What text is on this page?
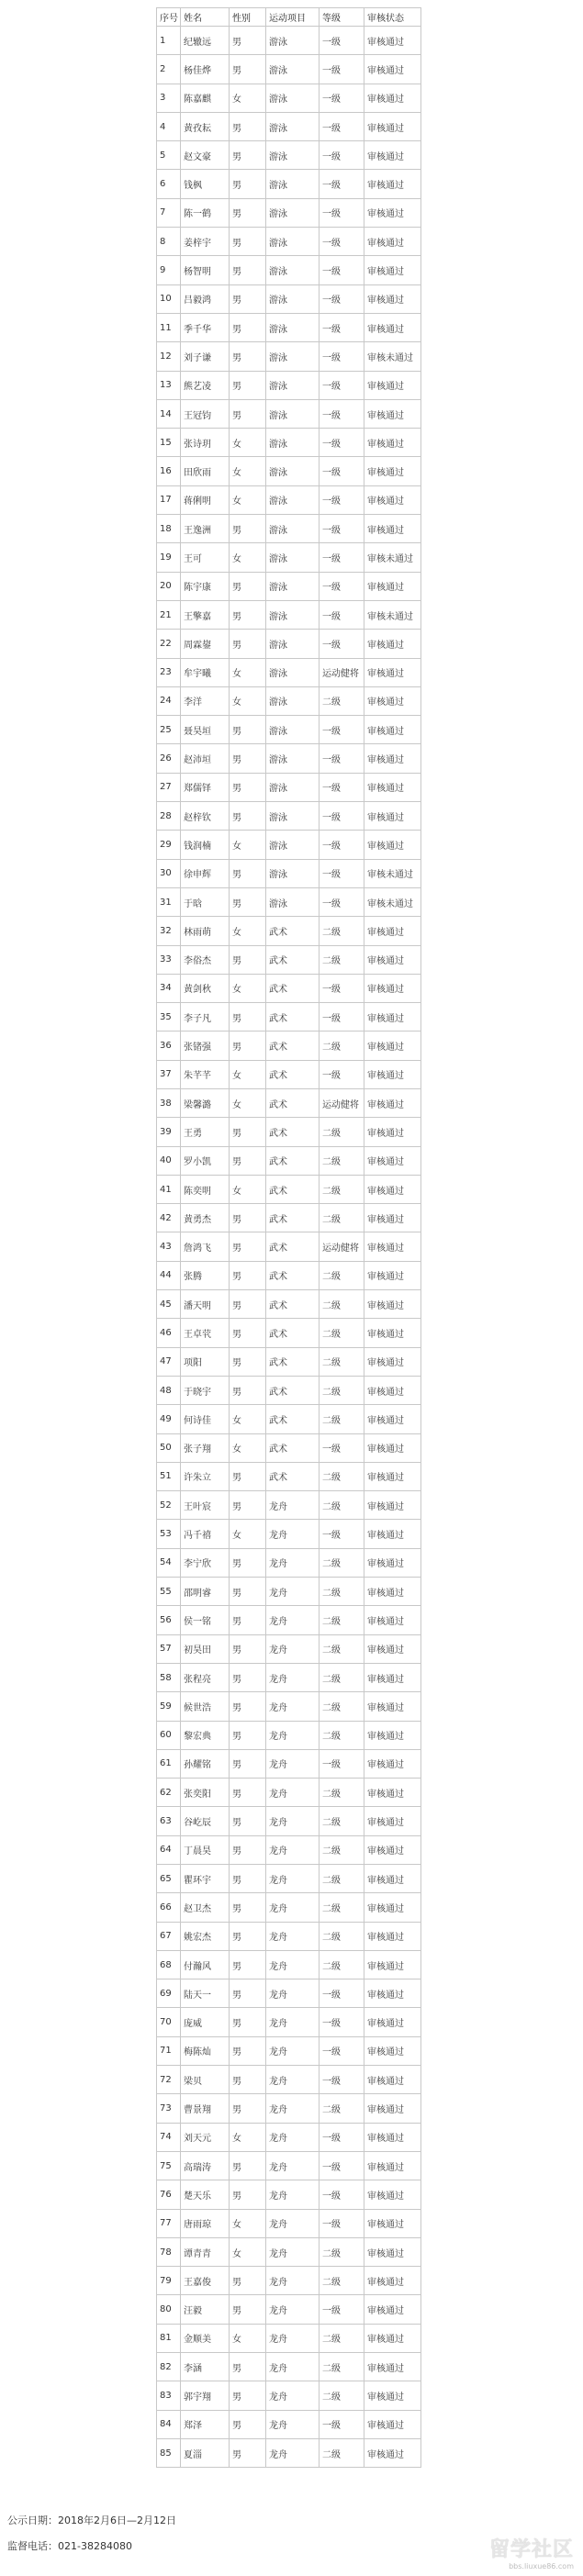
序号	姓名	性别	运动项目	等级	审核状态
1	纪辙远	男	游泳	一级	审核通过
2	杨佳烨	男	游泳	一级	审核通过
3	陈嘉麒	女	游泳	一级	审核通过
4	黄孜耘	男	游泳	一级	审核通过
5	赵文豪	男	游泳	一级	审核通过
6	钱枫	男	游泳	一级	审核通过
7	陈一鹤	男	游泳	一级	审核通过
8	姜梓宇	男	游泳	一级	审核通过
9	杨智明	男	游泳	一级	审核通过
10	吕毅鸿	男	游泳	一级	审核通过
11	季千华	男	游泳	一级	审核通过
12	刘子谦	男	游泳	一级	审核未通过
13	熊艺凌	男	游泳	一级	审核通过
14	王冠钧	男	游泳	一级	审核通过
15	张诗玥	女	游泳	一级	审核通过
16	田欣雨	女	游泳	一级	审核通过
17	蒋俐明	女	游泳	一级	审核通过
18	王逸洲	男	游泳	一级	审核通过
19	王可	女	游泳	一级	审核未通过
20	陈宇康	男	游泳	一级	审核通过
21	王擎嘉	男	游泳	一级	审核未通过
22	周霖鋆	男	游泳	一级	审核通过
23	牟宇曦	女	游泳	运动健将	审核通过
24	李洋	女	游泳	二级	审核通过
25	聂昊垣	男	游泳	一级	审核通过
26	赵沛垣	男	游泳	一级	审核通过
27	郑儒铎	男	游泳	一级	审核通过
28	赵梓钦	男	游泳	一级	审核通过
29	钱润楠	女	游泳	一级	审核通过
30	徐申辉	男	游泳	一级	审核未通过
31	于晗	男	游泳	一级	审核未通过
32	林雨萌	女	武术	二级	审核通过
33	李俗杰	男	武术	二级	审核通过
34	黄剑秋	女	武术	一级	审核通过
35	李子凡	男	武术	一级	审核通过
36	张锗强	男	武术	二级	审核通过
37	朱芊芊	女	武术	一级	审核通过
38	梁馨潞	女	武术	运动健将	审核通过
39	王勇	男	武术	二级	审核通过
40	罗小凯	男	武术	二级	审核通过
41	陈奕明	女	武术	二级	审核通过
42	黄勇杰	男	武术	二级	审核通过
43	詹鸿飞	男	武术	运动健将	审核通过
44	张腾	男	武术	二级	审核通过
45	潘天明	男	武术	二级	审核通过
46	王卓茕	男	武术	二级	审核通过
47	项阳	男	武术	二级	审核通过
48	于晓宇	男	武术	二级	审核通过
49	何诗佳	女	武术	二级	审核通过
50	张子翔	女	武术	一级	审核通过
51	许朱立	男	武术	二级	审核通过
52	王叶宸	男	龙舟	二级	审核通过
53	冯千禧	女	龙舟	一级	审核通过
54	李宁欣	男	龙舟	二级	审核通过
55	邵明睿	男	龙舟	二级	审核通过
56	侯一铭	男	龙舟	二级	审核通过
57	初昊田	男	龙舟	二级	审核通过
58	张程亮	男	龙舟	二级	审核通过
59	候世浩	男	龙舟	二级	审核通过
60	黎宏典	男	龙舟	二级	审核通过
61	孙耀铭	男	龙舟	一级	审核通过
62	张奕阳	男	龙舟	二级	审核通过
63	谷屹辰	男	龙舟	二级	审核通过
64	丁晨昊	男	龙舟	二级	审核通过
65	瞿环宇	男	龙舟	二级	审核通过
66	赵卫杰	男	龙舟	二级	审核通过
67	姚宏杰	男	龙舟	二级	审核通过
68	付瀚风	男	龙舟	二级	审核通过
69	陆天一	男	龙舟	一级	审核通过
70	庞威	男	龙舟	一级	审核通过
71	梅陈灿	男	龙舟	一级	审核通过
72	梁贝	男	龙舟	一级	审核通过
73	曹景翔	男	龙舟	二级	审核通过
74	刘天元	女	龙舟	一级	审核通过
75	高瑞涛	男	龙舟	一级	审核通过
76	楚天乐	男	龙舟	一级	审核通过
77	唐雨琼	女	龙舟	一级	审核通过
78	谭青青	女	龙舟	二级	审核通过
79	王嘉俊	男	龙舟	二级	审核通过
80	汪毅	男	龙舟	一级	审核通过
81	金顺美	女	龙舟	二级	审核通过
82	李涵	男	龙舟	二级	审核通过
83	郭宇翔	男	龙舟	二级	审核通过
84	郑泽	男	龙舟	一级	审核通过
85	夏淄	男	龙舟	二级	审核通过
公示日期：2018年2月6日—2月12日
监督电话：021-38284080	留学社区
bbs.liuxue86.com
